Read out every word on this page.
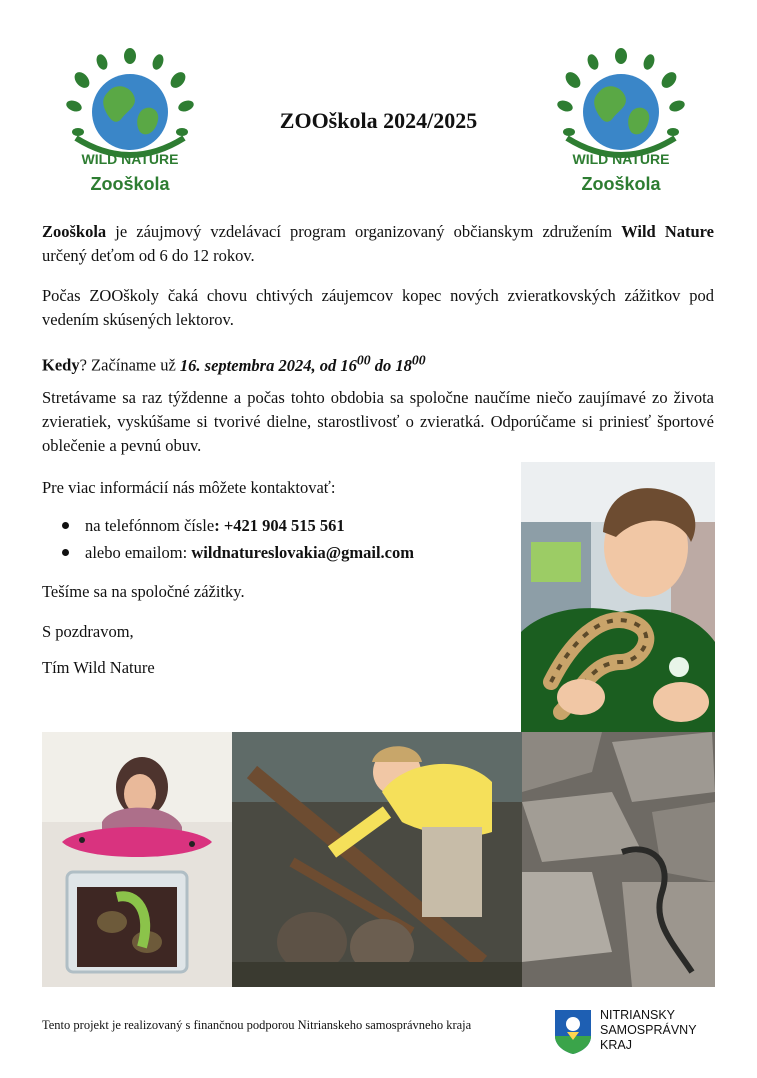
WILD NATURE
Zooškola
WILD NATURE
Zooškola
ZOOškola 2024/2025
Zooškola je záujmový vzdelávací program organizovaný občianskym združením Wild Nature určený deťom od 6 do 12 rokov.
Počas ZOOškoly čaká chovu chtivých záujemcov kopec nových zvieratkovských zážitkov pod vedením skúsených lektorov.
Kedy? Začíname už 16. septembra 2024, od $16^{00}$ do $18^{00}$
Stretávame sa raz týždenne a počas tohto obdobia sa spoločne naučíme niečo zaujímavé zo života zvieratiek, vyskúšame si tvorivé dielne, starostlivosť o zvieratká. Odporúčame si priniesť športové oblečenie a pevnú obuv.
Pre viac informácií nás môžete kontaktovať:
na telefónnom čísle: +421 904 515 561
alebo emailom: wildnatureslovakia@gmail.com
Tešíme sa na spoločné zážitky.
S pozdravom,
Tím Wild Nature
Tento projekt je realizovaný s finančnou podporou Nitrianskeho samosprávneho kraja
NITRIANSKY
SAMOSPRÁVNY
KRAJ
